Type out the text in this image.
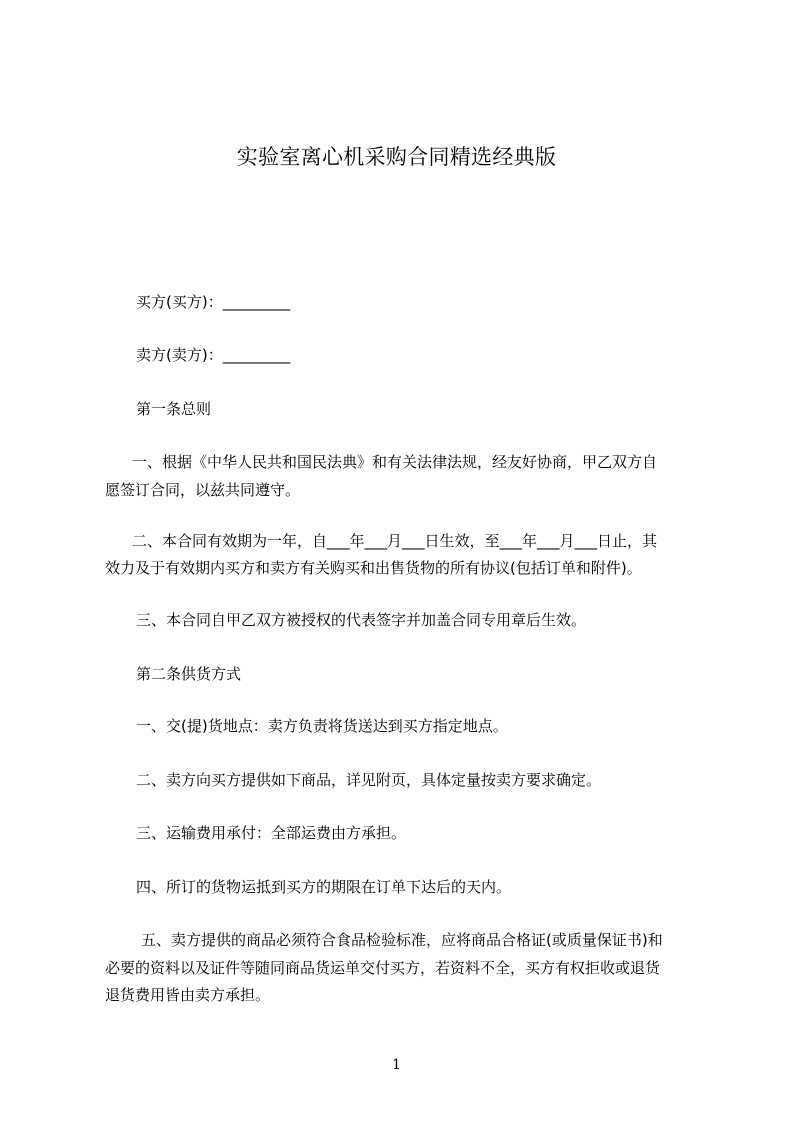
实验室离心机采购合同精选经典版
买方(买方)：_________
卖方(卖方)：_________
第一条总则
一、根据《中华人民共和国民法典》和有关法律法规，经友好协商，甲乙双方自
愿签订合同，以兹共同遵守。
二、本合同有效期为一年，自___年___月___日生效，至___年___月___日止，其
效力及于有效期内买方和卖方有关购买和出售货物的所有协议(包括订单和附件)。
三、本合同自甲乙双方被授权的代表签字并加盖合同专用章后生效。
第二条供货方式
一、交(提)货地点：卖方负责将货送达到买方指定地点。
二、卖方向买方提供如下商品，详见附页，具体定量按卖方要求确定。
三、运输费用承付：全部运费由方承担。
四、所订的货物运抵到买方的期限在订单下达后的天内。
五、卖方提供的商品必须符合食品检验标准，应将商品合格证(或质量保证书)和
必要的资料以及证件等随同商品货运单交付买方，若资料不全，买方有权拒收或退货
退货费用皆由卖方承担。
1
